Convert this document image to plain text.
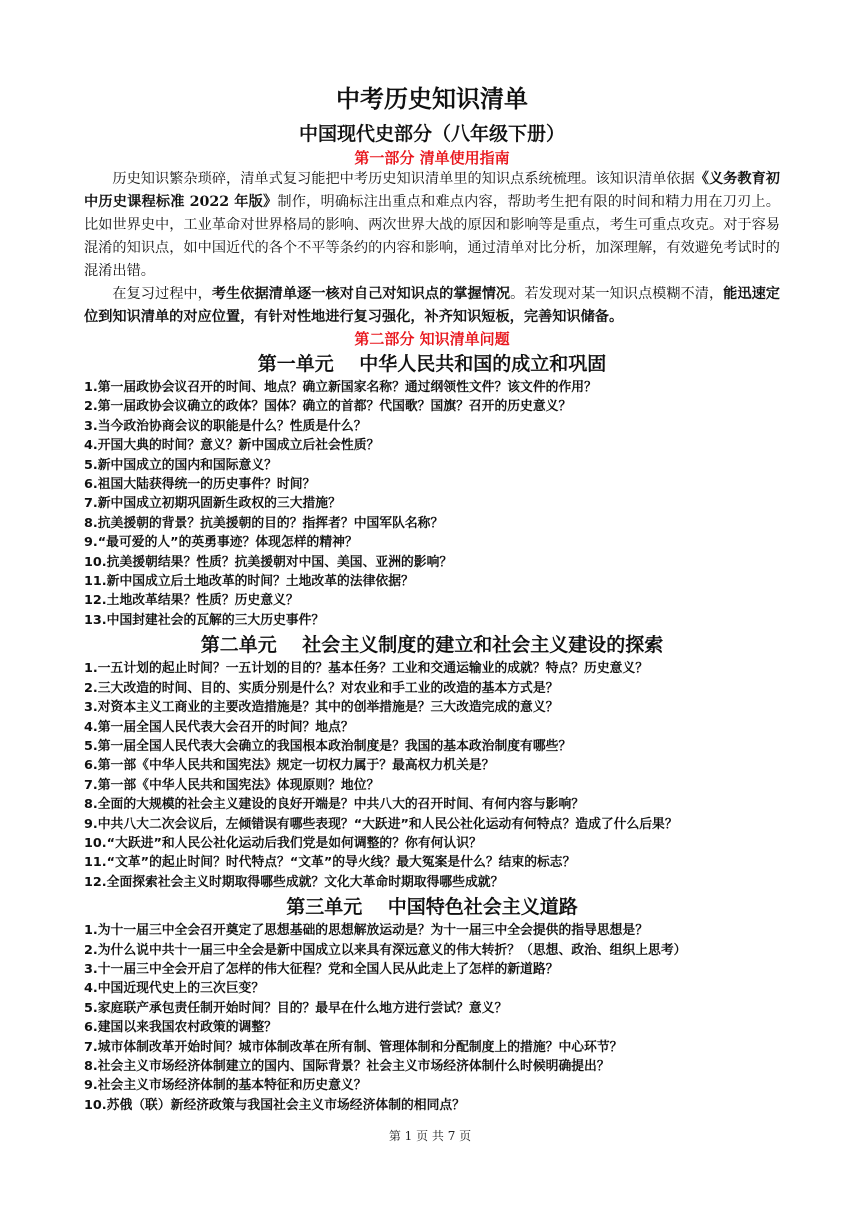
中考历史知识清单

中国现代史部分（八年级下册）

第一部分 清单使用指南

历史知识繁杂琐碎，清单式复习能把中考历史知识清单里的知识点系统梳理。该知识清单依据《义务教育初中历史课程标准 2022 年版》制作，明确标注出重点和难点内容，帮助考生把有限的时间和精力用在刀刃上。比如世界史中，工业革命对世界格局的影响、两次世界大战的原因和影响等是重点，考生可重点攻克。对于容易混淆的知识点，如中国近代的各个不平等条约的内容和影响，通过清单对比分析，加深理解，有效避免考试时的混淆出错。

在复习过程中，考生依据清单逐一核对自己对知识点的掌握情况。若发现对某一知识点模糊不清，能迅速定位到知识清单的对应位置，有针对性地进行复习强化，补齐知识短板，完善知识储备。

第二部分 知识清单问题

第一单元　 中华人民共和国的成立和巩固

1.第一届政协会议召开的时间、地点？确立新国家名称？通过纲领性文件？该文件的作用？

2.第一届政协会议确立的政体？国体？确立的首都？代国歌？国旗？召开的历史意义？

3.当今政治协商会议的职能是什么？性质是什么？

4.开国大典的时间？意义？新中国成立后社会性质？

5.新中国成立的国内和国际意义？

6.祖国大陆获得统一的历史事件？时间？

7.新中国成立初期巩固新生政权的三大措施？

8.抗美援朝的背景？抗美援朝的目的？指挥者？中国军队名称？

9.“最可爱的人”的英勇事迹？体现怎样的精神？

10.抗美援朝结果？性质？抗美援朝对中国、美国、亚洲的影响？

11.新中国成立后土地改革的时间？土地改革的法律依据？

12.土地改革结果？性质？历史意义？

13.中国封建社会的瓦解的三大历史事件？

第二单元　 社会主义制度的建立和社会主义建设的探索

1.一五计划的起止时间？一五计划的目的？基本任务？工业和交通运输业的成就？特点？历史意义？

2.三大改造的时间、目的、实质分别是什么？对农业和手工业的改造的基本方式是？

3.对资本主义工商业的主要改造措施是？其中的创举措施是？三大改造完成的意义？

4.第一届全国人民代表大会召开的时间？地点？

5.第一届全国人民代表大会确立的我国根本政治制度是？我国的基本政治制度有哪些？

6.第一部《中华人民共和国宪法》规定一切权力属于？最高权力机关是？

7.第一部《中华人民共和国宪法》体现原则？地位？

8.全面的大规模的社会主义建设的良好开端是？中共八大的召开时间、有何内容与影响？

9.中共八大二次会议后，左倾错误有哪些表现？“大跃进”和人民公社化运动有何特点？造成了什么后果？

10.“大跃进”和人民公社化运动后我们党是如何调整的？你有何认识？

11.“文革”的起止时间？时代特点？“文革”的导火线？最大冤案是什么？结束的标志？

12.全面探索社会主义时期取得哪些成就？文化大革命时期取得哪些成就？

第三单元　 中国特色社会主义道路

1.为十一届三中全会召开奠定了思想基础的思想解放运动是？为十一届三中全会提供的指导思想是？

2.为什么说中共十一届三中全会是新中国成立以来具有深远意义的伟大转折？（思想、政治、组织上思考）

3.十一届三中全会开启了怎样的伟大征程？党和全国人民从此走上了怎样的新道路？

4.中国近现代史上的三次巨变？

5.家庭联产承包责任制开始时间？目的？最早在什么地方进行尝试？意义？

6.建国以来我国农村政策的调整？

7.城市体制改革开始时间？城市体制改革在所有制、管理体制和分配制度上的措施？中心环节？

8.社会主义市场经济体制建立的国内、国际背景？社会主义市场经济体制什么时候明确提出？

9.社会主义市场经济体制的基本特征和历史意义？

10.苏俄（联）新经济政策与我国社会主义市场经济体制的相同点？

第 1 页 共 7 页
